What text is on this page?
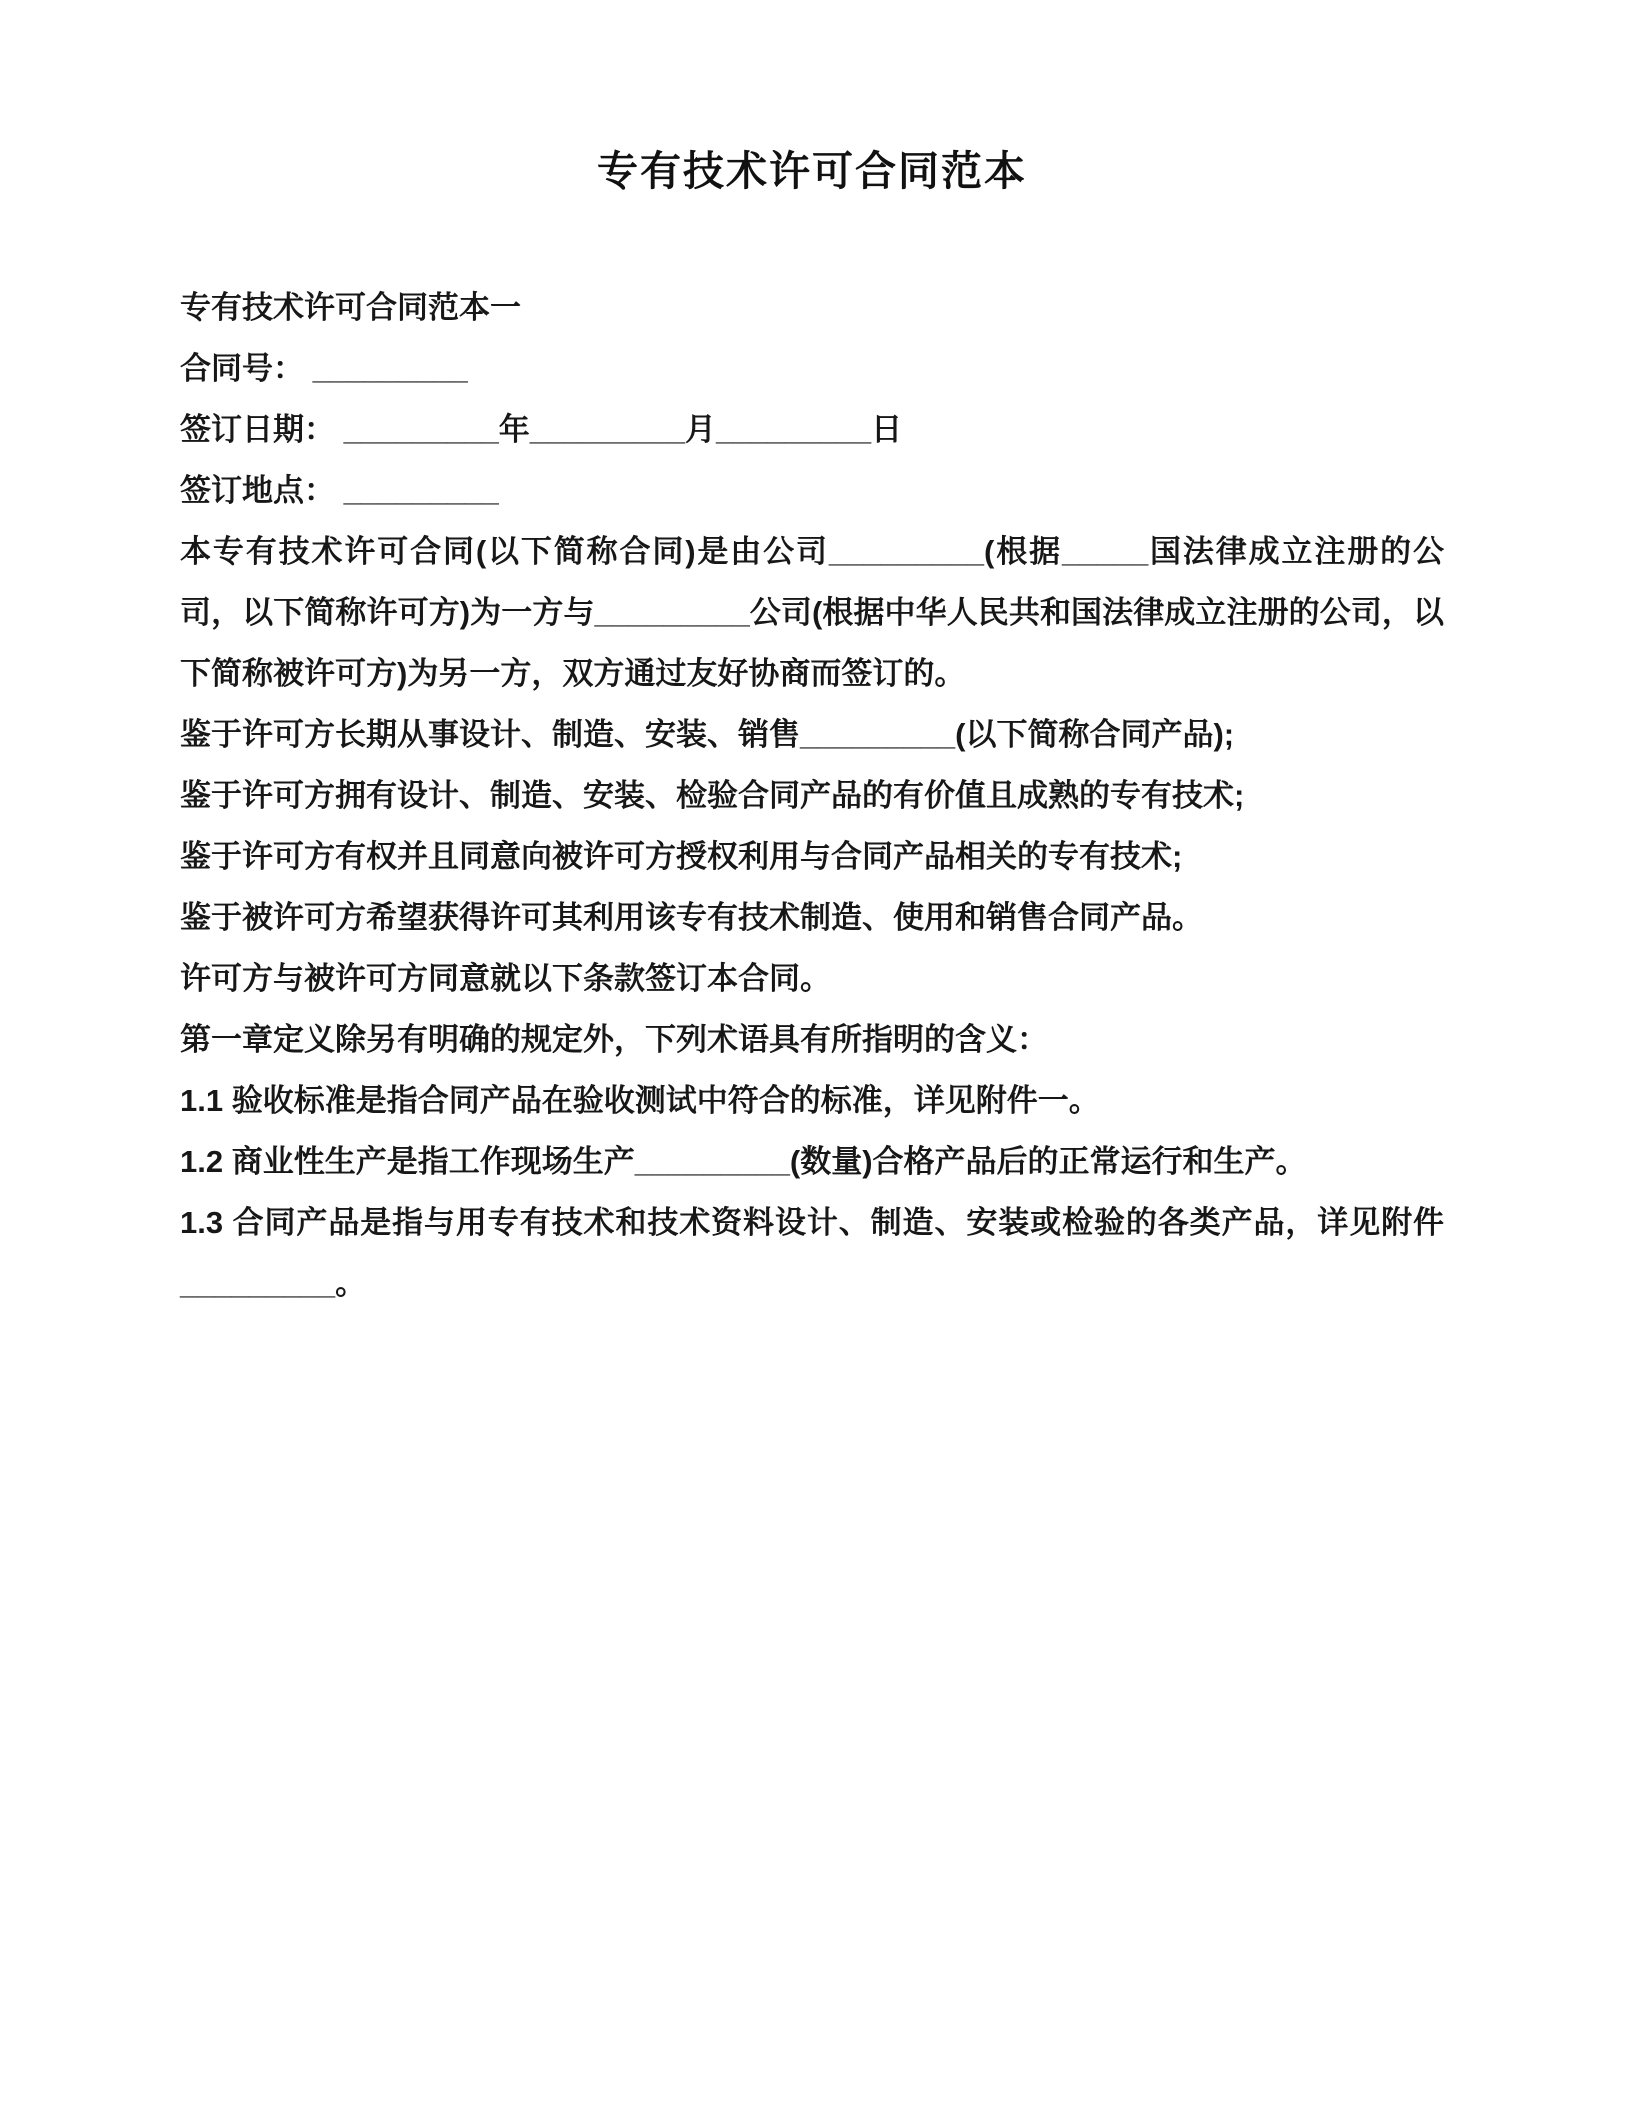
专有技术许可合同范本

专有技术许可合同范本一

合同号： _________

签订日期： _________年_________月_________日

签订地点： _________

本专有技术许可合同(以下简称合同)是由公司_________(根据_____国法律成立注册的公司，以下简称许可方)为一方与_________公司(根据中华人民共和国法律成立注册的公司，以下简称被许可方)为另一方，双方通过友好协商而签订的。

鉴于许可方长期从事设计、制造、安装、销售_________(以下简称合同产品);

鉴于许可方拥有设计、制造、安装、检验合同产品的有价值且成熟的专有技术;

鉴于许可方有权并且同意向被许可方授权利用与合同产品相关的专有技术;

鉴于被许可方希望获得许可其利用该专有技术制造、使用和销售合同产品。

许可方与被许可方同意就以下条款签订本合同。

第一章定义除另有明确的规定外，下列术语具有所指明的含义：

1.1 验收标准是指合同产品在验收测试中符合的标准，详见附件一。

1.2 商业性生产是指工作现场生产_________(数量)合格产品后的正常运行和生产。

1.3 合同产品是指与用专有技术和技术资料设计、制造、安装或检验的各类产品，详见附件_________。
